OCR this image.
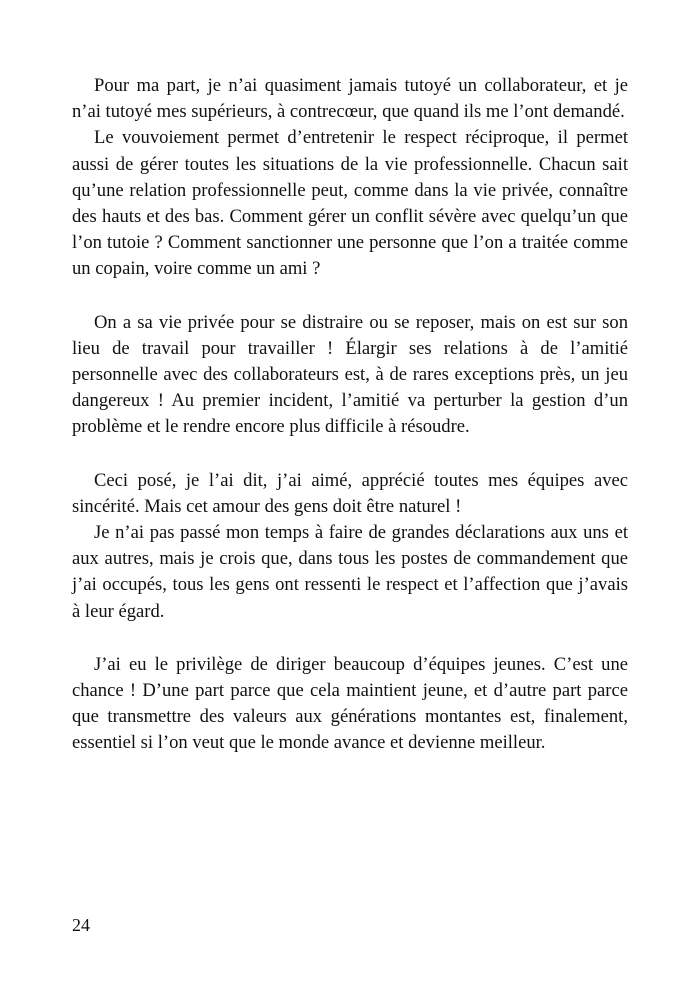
Pour ma part, je n’ai quasiment jamais tutoyé un collaborateur, et je n’ai tutoyé mes supérieurs, à contrecœur, que quand ils me l’ont demandé.

Le vouvoiement permet d’entretenir le respect réciproque, il permet aussi de gérer toutes les situations de la vie professionnelle. Chacun sait qu’une relation professionnelle peut, comme dans la vie privée, connaître des hauts et des bas. Comment gérer un conflit sévère avec quelqu’un que l’on tutoie ? Comment sanctionner une personne que l’on a traitée comme un copain, voire comme un ami ?

On a sa vie privée pour se distraire ou se reposer, mais on est sur son lieu de travail pour travailler ! Élargir ses relations à de l’amitié personnelle avec des collaborateurs est, à de rares exceptions près, un jeu dangereux ! Au premier incident, l’amitié va perturber la gestion d’un problème et le rendre encore plus difficile à résoudre.

Ceci posé, je l’ai dit, j’ai aimé, apprécié toutes mes équipes avec sincérité. Mais cet amour des gens doit être naturel !

Je n’ai pas passé mon temps à faire de grandes déclarations aux uns et aux autres, mais je crois que, dans tous les postes de commandement que j’ai occupés, tous les gens ont ressenti le respect et l’affection que j’avais à leur égard.

J’ai eu le privilège de diriger beaucoup d’équipes jeunes. C’est une chance ! D’une part parce que cela maintient jeune, et d’autre part parce que transmettre des valeurs aux générations montantes est, finalement, essentiel si l’on veut que le monde avance et devienne meilleur.

24
